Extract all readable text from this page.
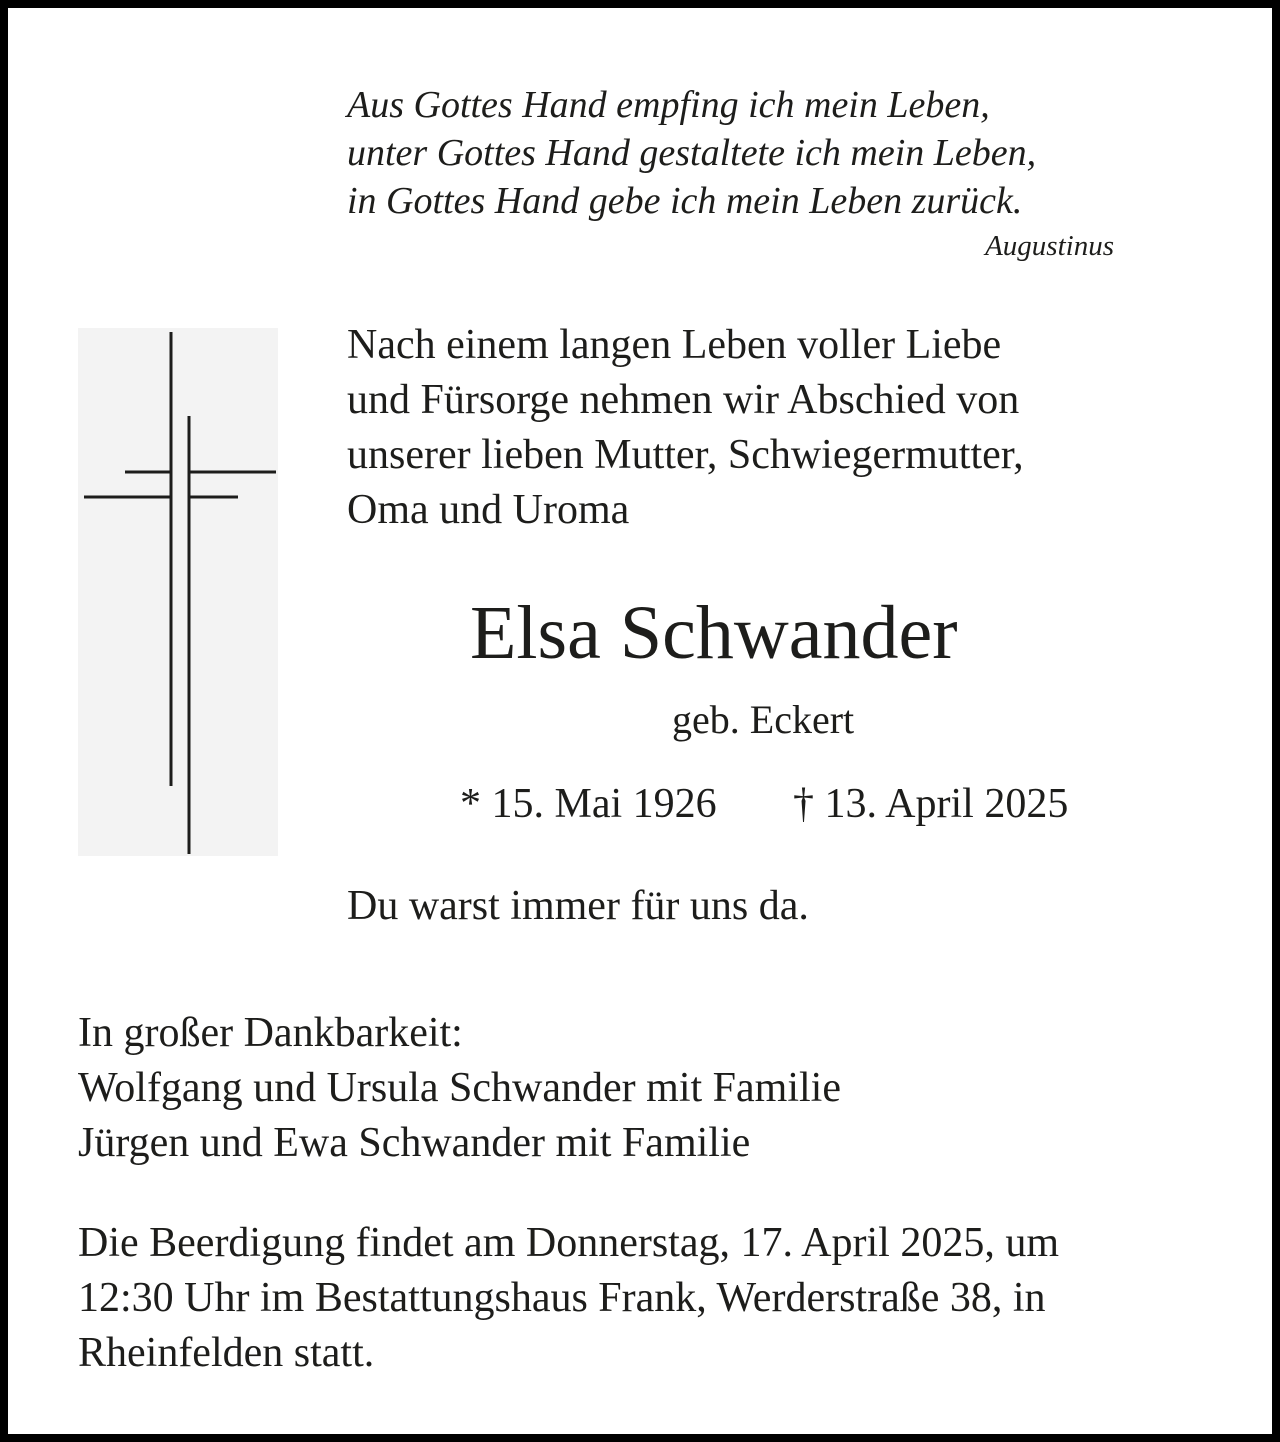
Aus Gottes Hand empfing ich mein Leben,

unter Gottes Hand gestaltete ich mein Leben,

in Gottes Hand gebe ich mein Leben zurück.

Augustinus

Nach einem langen Leben voller Liebe

und Fürsorge nehmen wir Abschied von

unserer lieben Mutter, Schwiegermutter,

Oma und Uroma

Elsa Schwander

geb. Eckert

* 15. Mai 1926 † 13. April 2025

Du warst immer für uns da.

In großer Dankbarkeit:

Wolfgang und Ursula Schwander mit Familie

Jürgen und Ewa Schwander mit Familie

Die Beerdigung findet am Donnerstag, 17. April 2025, um

12:30 Uhr im Bestattungshaus Frank, Werderstraße 38, in

Rheinfelden statt.
